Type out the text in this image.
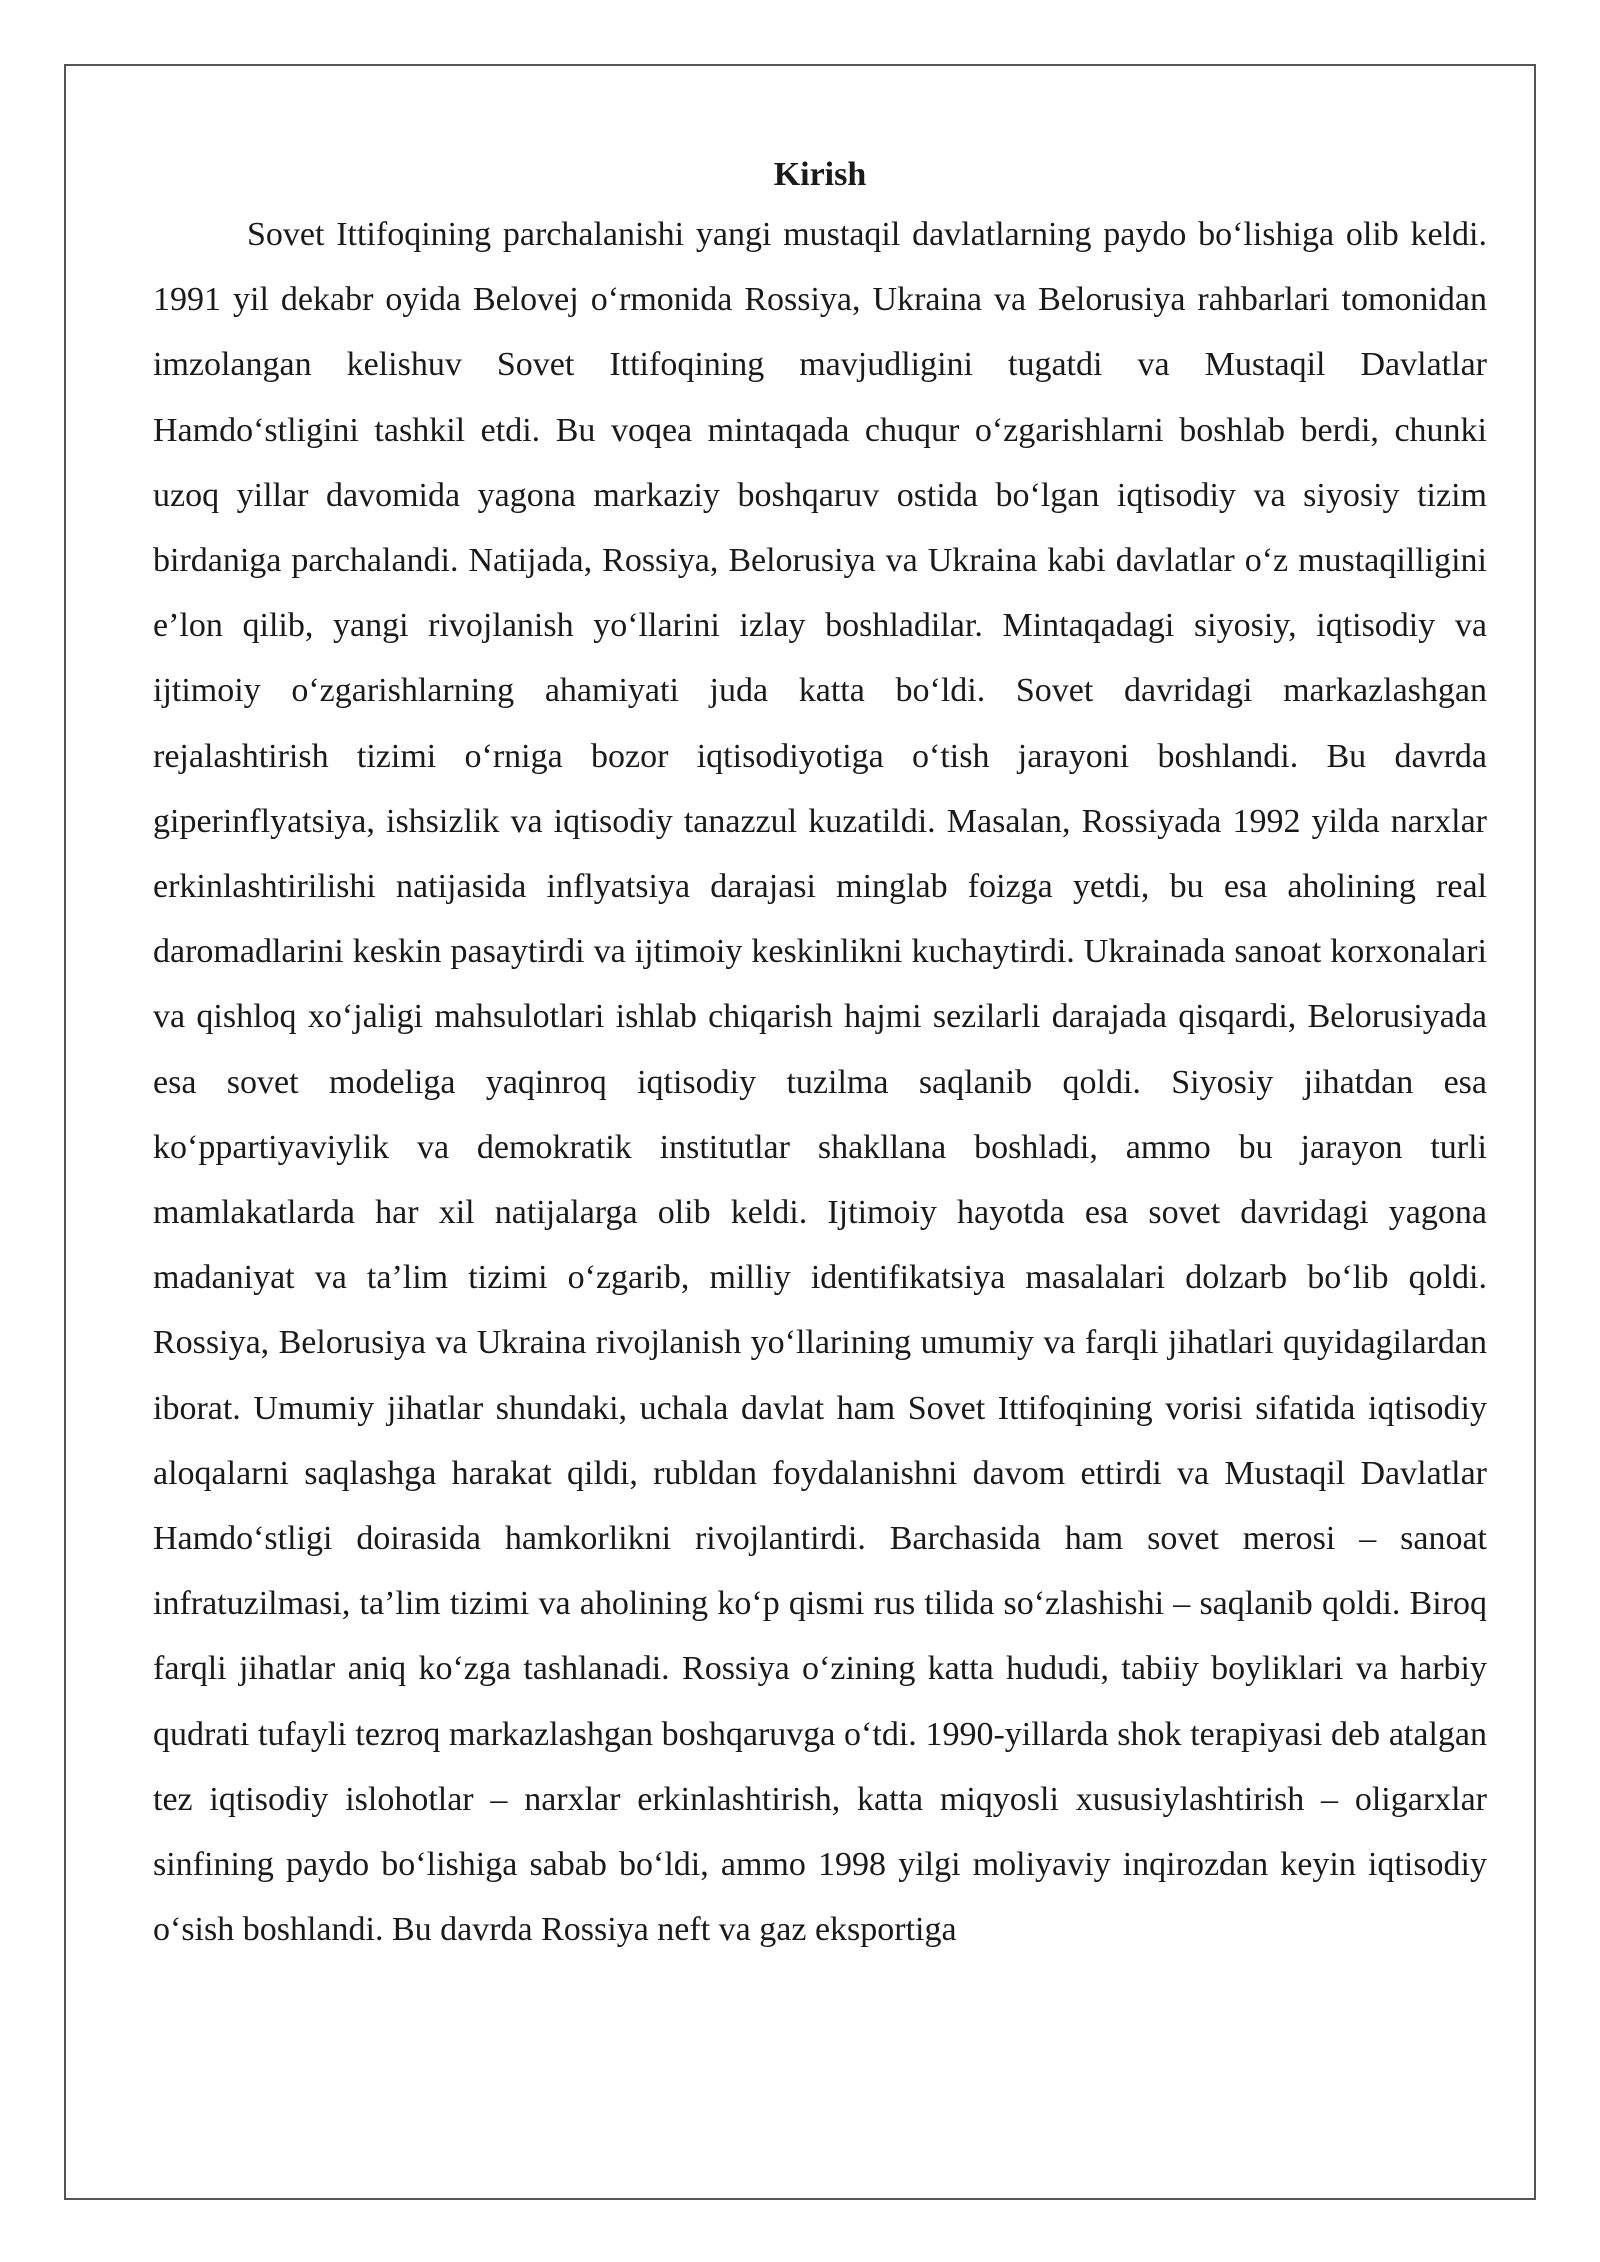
Kirish

Sovet Ittifoqining parchalanishi yangi mustaqil davlatlarning paydo bo‘lishiga olib keldi. 1991 yil dekabr oyida Belovej o‘rmonida Rossiya, Ukraina va Belorusiya rahbarlari tomonidan imzolangan kelishuv Sovet Ittifoqining mavjudligini tugatdi va Mustaqil Davlatlar Hamdo‘stligini tashkil etdi. Bu voqea mintaqada chuqur o‘zgarishlarni boshlab berdi, chunki uzoq yillar davomida yagona markaziy boshqaruv ostida bo‘lgan iqtisodiy va siyosiy tizim birdaniga parchalandi. Natijada, Rossiya, Belorusiya va Ukraina kabi davlatlar o‘z mustaqilligini e’lon qilib, yangi rivojlanish yo‘llarini izlay boshladilar. Mintaqadagi siyosiy, iqtisodiy va ijtimoiy o‘zgarishlarning ahamiyati juda katta bo‘ldi. Sovet davridagi markazlashgan rejalashtirish tizimi o‘rniga bozor iqtisodiyotiga o‘tish jarayoni boshlandi. Bu davrda giperinflyatsiya, ishsizlik va iqtisodiy tanazzul kuzatildi. Masalan, Rossiyada 1992 yilda narxlar erkinlashtirilishi natijasida inflyatsiya darajasi minglab foizga yetdi, bu esa aholining real daromadlarini keskin pasaytirdi va ijtimoiy keskinlikni kuchaytirdi. Ukrainada sanoat korxonalari va qishloq xo‘jaligi mahsulotlari ishlab chiqarish hajmi sezilarli darajada qisqardi, Belorusiyada esa sovet modeliga yaqinroq iqtisodiy tuzilma saqlanib qoldi. Siyosiy jihatdan esa ko‘ppartiyaviylik va demokratik institutlar shakllana boshladi, ammo bu jarayon turli mamlakatlarda har xil natijalarga olib keldi. Ijtimoiy hayotda esa sovet davridagi yagona madaniyat va ta’lim tizimi o‘zgarib, milliy identifikatsiya masalalari dolzarb bo‘lib qoldi. Rossiya, Belorusiya va Ukraina rivojlanish yo‘llarining umumiy va farqli jihatlari quyidagilardan iborat. Umumiy jihatlar shundaki, uchala davlat ham Sovet Ittifoqining vorisi sifatida iqtisodiy aloqalarni saqlashga harakat qildi, rubldan foydalanishni davom ettirdi va Mustaqil Davlatlar Hamdo‘stligi doirasida hamkorlikni rivojlantirdi. Barchasida ham sovet merosi – sanoat infratuzilmasi, ta’lim tizimi va aholining ko‘p qismi rus tilida so‘zlashishi – saqlanib qoldi. Biroq farqli jihatlar aniq ko‘zga tashlanadi. Rossiya o‘zining katta hududi, tabiiy boyliklari va harbiy qudrati tufayli tezroq markazlashgan boshqaruvga o‘tdi. 1990-yillarda shok terapiyasi deb atalgan tez iqtisodiy islohotlar – narxlar erkinlashtirish, katta miqyosli xususiylashtirish – oligarxlar sinfining paydo bo‘lishiga sabab bo‘ldi, ammo 1998 yilgi moliyaviy inqirozdan keyin iqtisodiy o‘sish boshlandi. Bu davrda Rossiya neft va gaz eksportiga
